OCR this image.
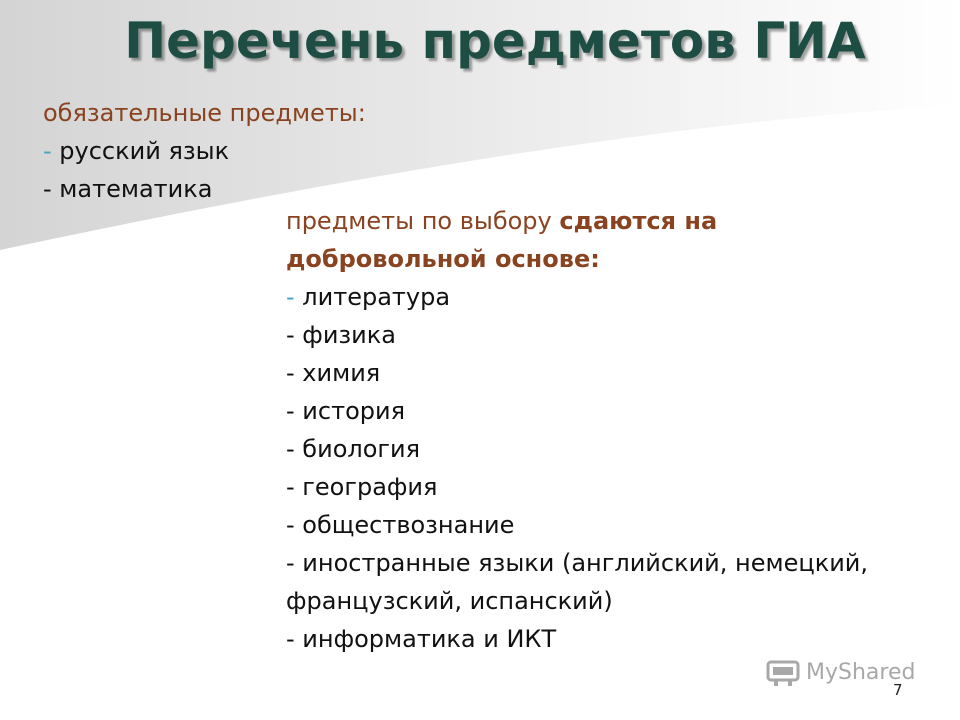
Перечень предметов ГИА
обязательные предметы:
- русский язык
- математика
предметы по выбору сдаются на
добровольной основе:
- литература
- физика
- химия
- история
- биология
- география
- обществознание
- иностранные языки (английский, немецкий,
французский, испанский)
- информатика и ИКТ
MyShared
7
